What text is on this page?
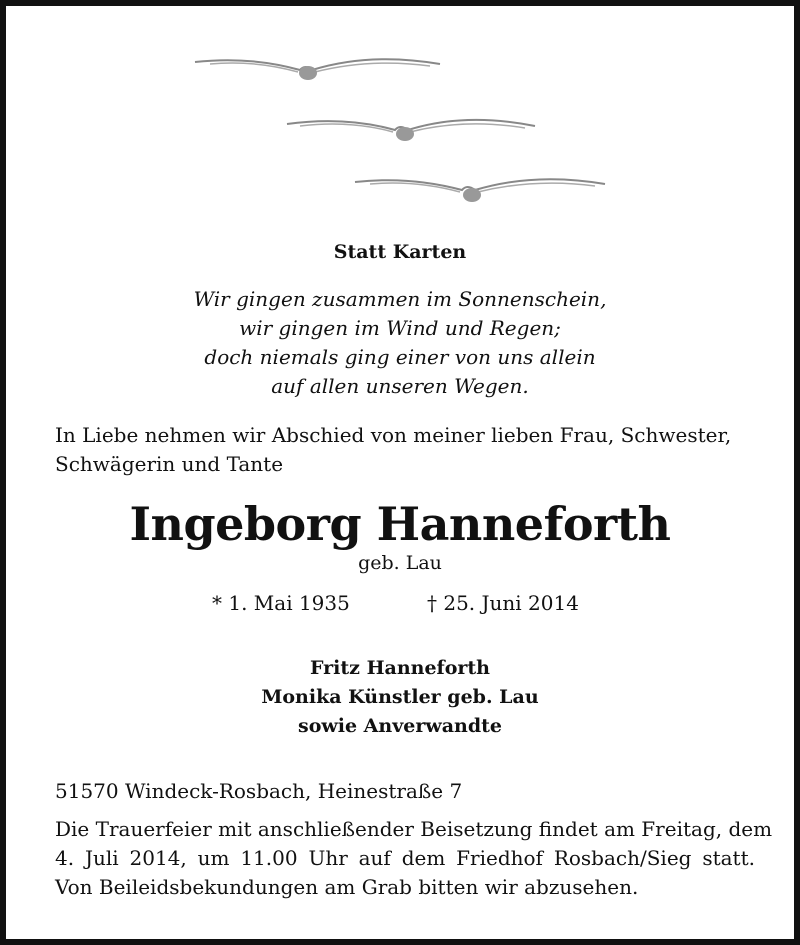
Statt Karten
Wir gingen zusammen im Sonnenschein,
wir gingen im Wind und Regen;
doch niemals ging einer von uns allein
auf allen unseren Wegen.
In Liebe nehmen wir Abschied von meiner lieben Frau, Schwester, Schwägerin und Tante
Ingeborg Hanneforth
geb. Lau
* 1. Mai 1935	† 25. Juni 2014
Fritz Hanneforth
Monika Künstler geb. Lau
sowie Anverwandte
51570 Windeck-Rosbach, Heinestraße 7
Die Trauerfeier mit anschließender Beisetzung findet am Freitag, dem
4. Juli 2014, um 11.00 Uhr auf dem Friedhof Rosbach/Sieg statt.
Von Beileidsbekundungen am Grab bitten wir abzusehen.
